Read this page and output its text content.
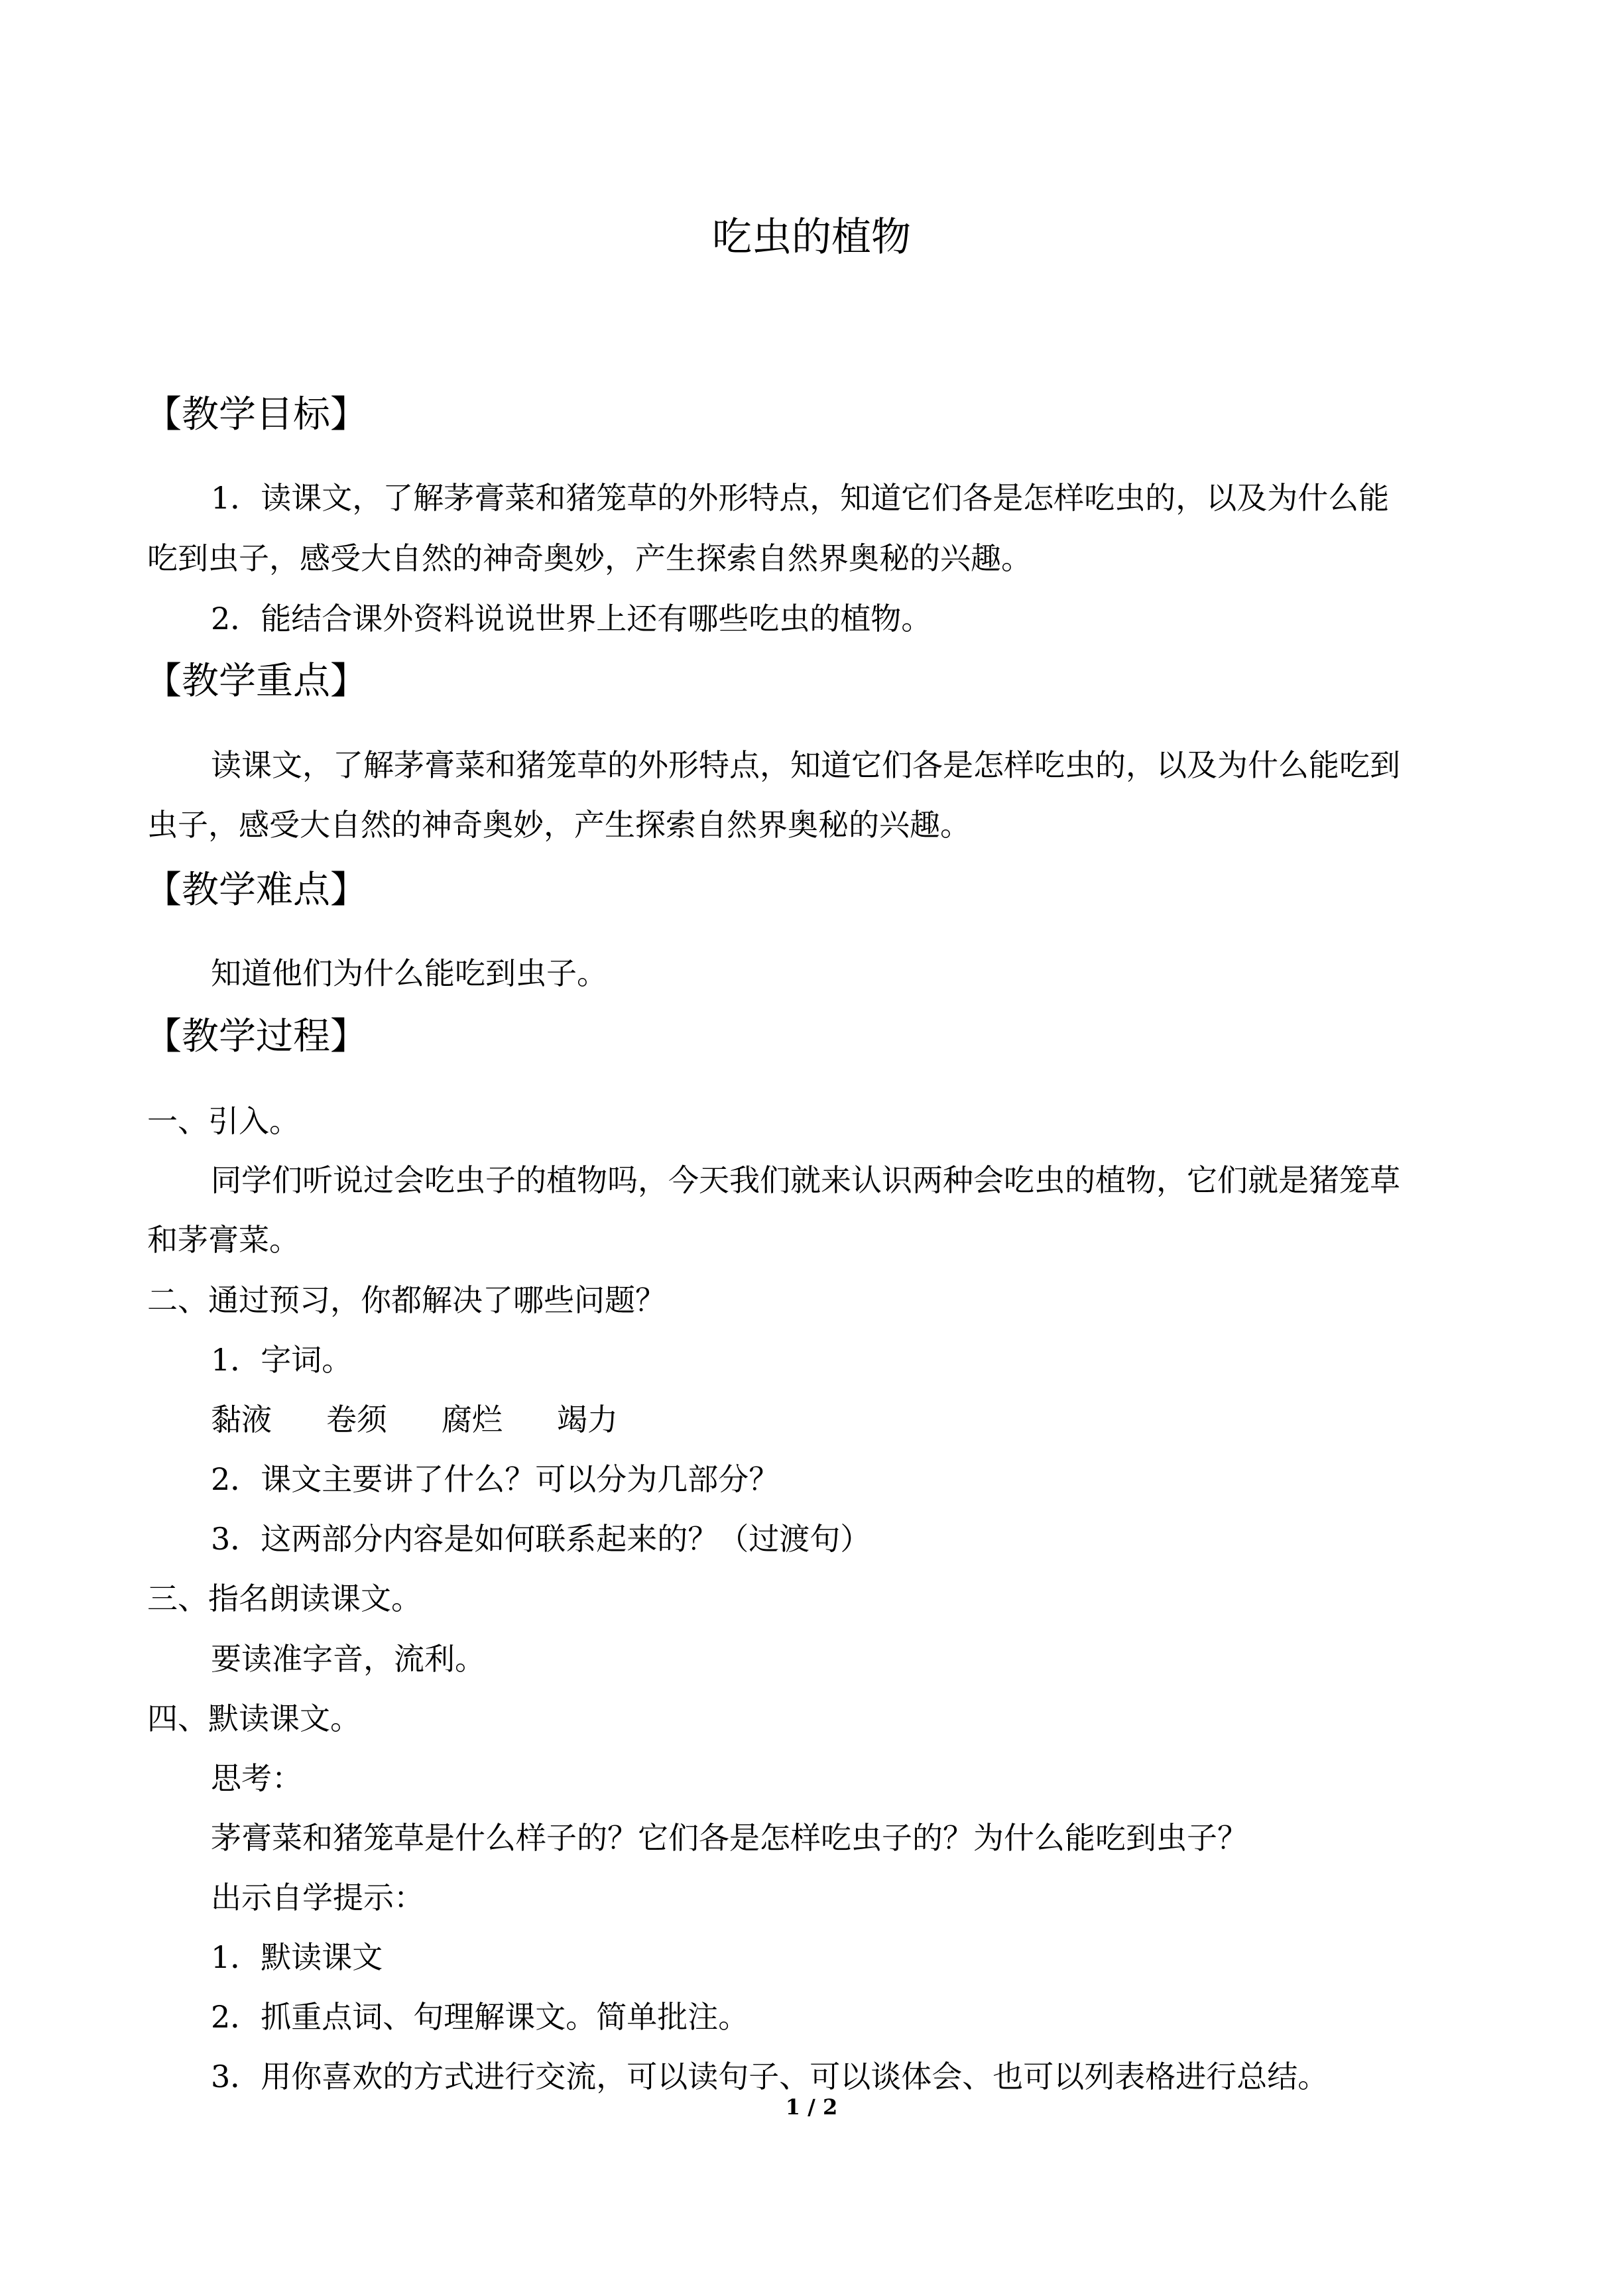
吃虫的植物
【教学目标】
1．读课文，了解茅膏菜和猪笼草的外形特点，知道它们各是怎样吃虫的，以及为什么能
吃到虫子，感受大自然的神奇奥妙，产生探索自然界奥秘的兴趣。
2．能结合课外资料说说世界上还有哪些吃虫的植物。
【教学重点】
读课文，了解茅膏菜和猪笼草的外形特点，知道它们各是怎样吃虫的，以及为什么能吃到
虫子，感受大自然的神奇奥妙，产生探索自然界奥秘的兴趣。
【教学难点】
知道他们为什么能吃到虫子。
【教学过程】
一、引入。
同学们听说过会吃虫子的植物吗，今天我们就来认识两种会吃虫的植物，它们就是猪笼草
和茅膏菜。
二、通过预习，你都解决了哪些问题？
1．字词。
黏液 卷须 腐烂 竭力
2．课文主要讲了什么？可以分为几部分？
3．这两部分内容是如何联系起来的？（过渡句）
三、指名朗读课文。
要读准字音，流利。
四、默读课文。
思考：
茅膏菜和猪笼草是什么样子的？它们各是怎样吃虫子的？为什么能吃到虫子？
出示自学提示：
1．默读课文
2．抓重点词、句理解课文。简单批注。
3．用你喜欢的方式进行交流，可以读句子、可以谈体会、也可以列表格进行总结。
1 / 2
